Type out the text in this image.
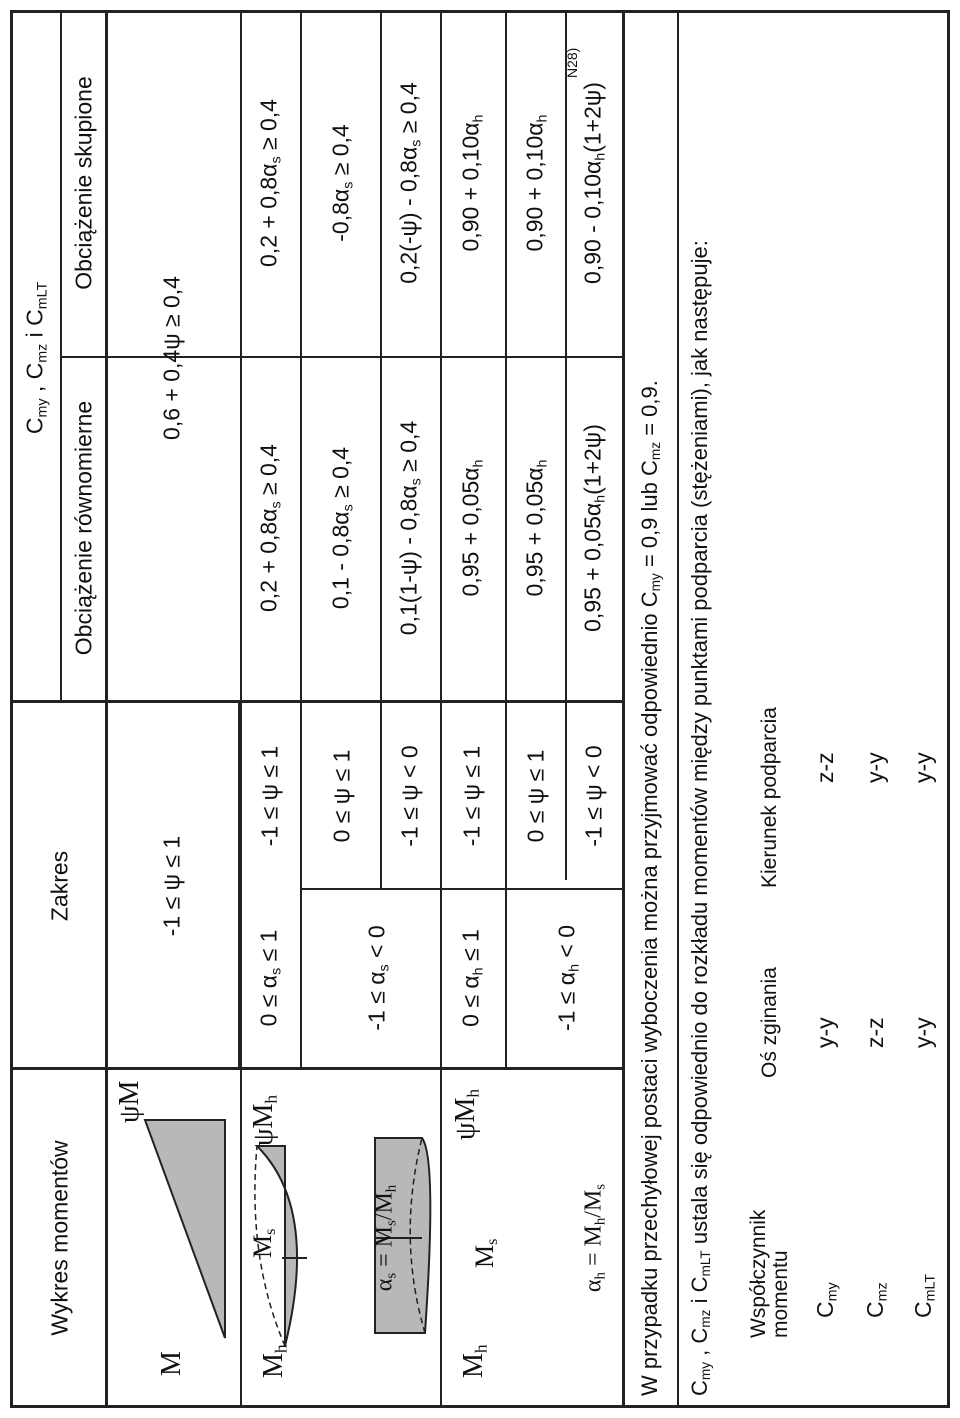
Wykres momentów
Zakres
$C_{my}$ , $C_{mz}$ i $C_{mLT}$
Obciążenie równomierne
Obciążenie skupione
M
ψM
$M_h$
$\psi M_h$
$M_s$
$\alpha_s = M_s/M_h$
$M_h$
$\psi M_h$
$M_s$
$\alpha_h = M_h/M_s$
-1 ≤ ψ ≤ 1
0,6 + 0,4ψ ≥ 0,4
$0 \le \alpha_s \le 1$
-1 ≤ ψ ≤ 1
$0,2 + 0,8\alpha_s \ge 0,4$
$0,2 + 0,8\alpha_s \ge 0,4$
$-1 \le \alpha_s < 0$
0 ≤ ψ ≤ 1
$0,1 - 0,8\alpha_s \ge 0,4$
$-0,8\alpha_s \ge 0,4$
-1 ≤ ψ < 0
$0,1(1-\psi) - 0,8\alpha_s \ge 0,4$
$0,2(-\psi) - 0,8\alpha_s \ge 0,4$
$0 \le \alpha_h \le 1$
-1 ≤ ψ ≤ 1
$0,95 + 0,05\alpha_h$
$0,90 + 0,10\alpha_h$
$-1 \le \alpha_h < 0$
0 ≤ ψ ≤ 1
$0,95 + 0,05\alpha_h$
$0,90 + 0,10\alpha_h$
-1 ≤ ψ < 0
$0,95 + 0,05\alpha_h(1+2\psi)$
$0,90 - 0,10\alpha_h(1+2\psi)$
N28)
W przypadku przechyłowej postaci wyboczenia można przyjmować odpowiednio $C_{my} = 0,9$ lub $C_{mz} = 0,9$.
$C_{my}$ , $C_{mz}$ i $C_{mLT}$ ustala się odpowiednio do rozkładu momentów między punktami podparcia (stężeniami), jak następuje:
Współczynnik
momentu
Oś zginania
Kierunek podparcia
$C_{my}$
y-y
z-z
$C_{mz}$
z-z
y-y
$C_{mLT}$
y-y
y-y
